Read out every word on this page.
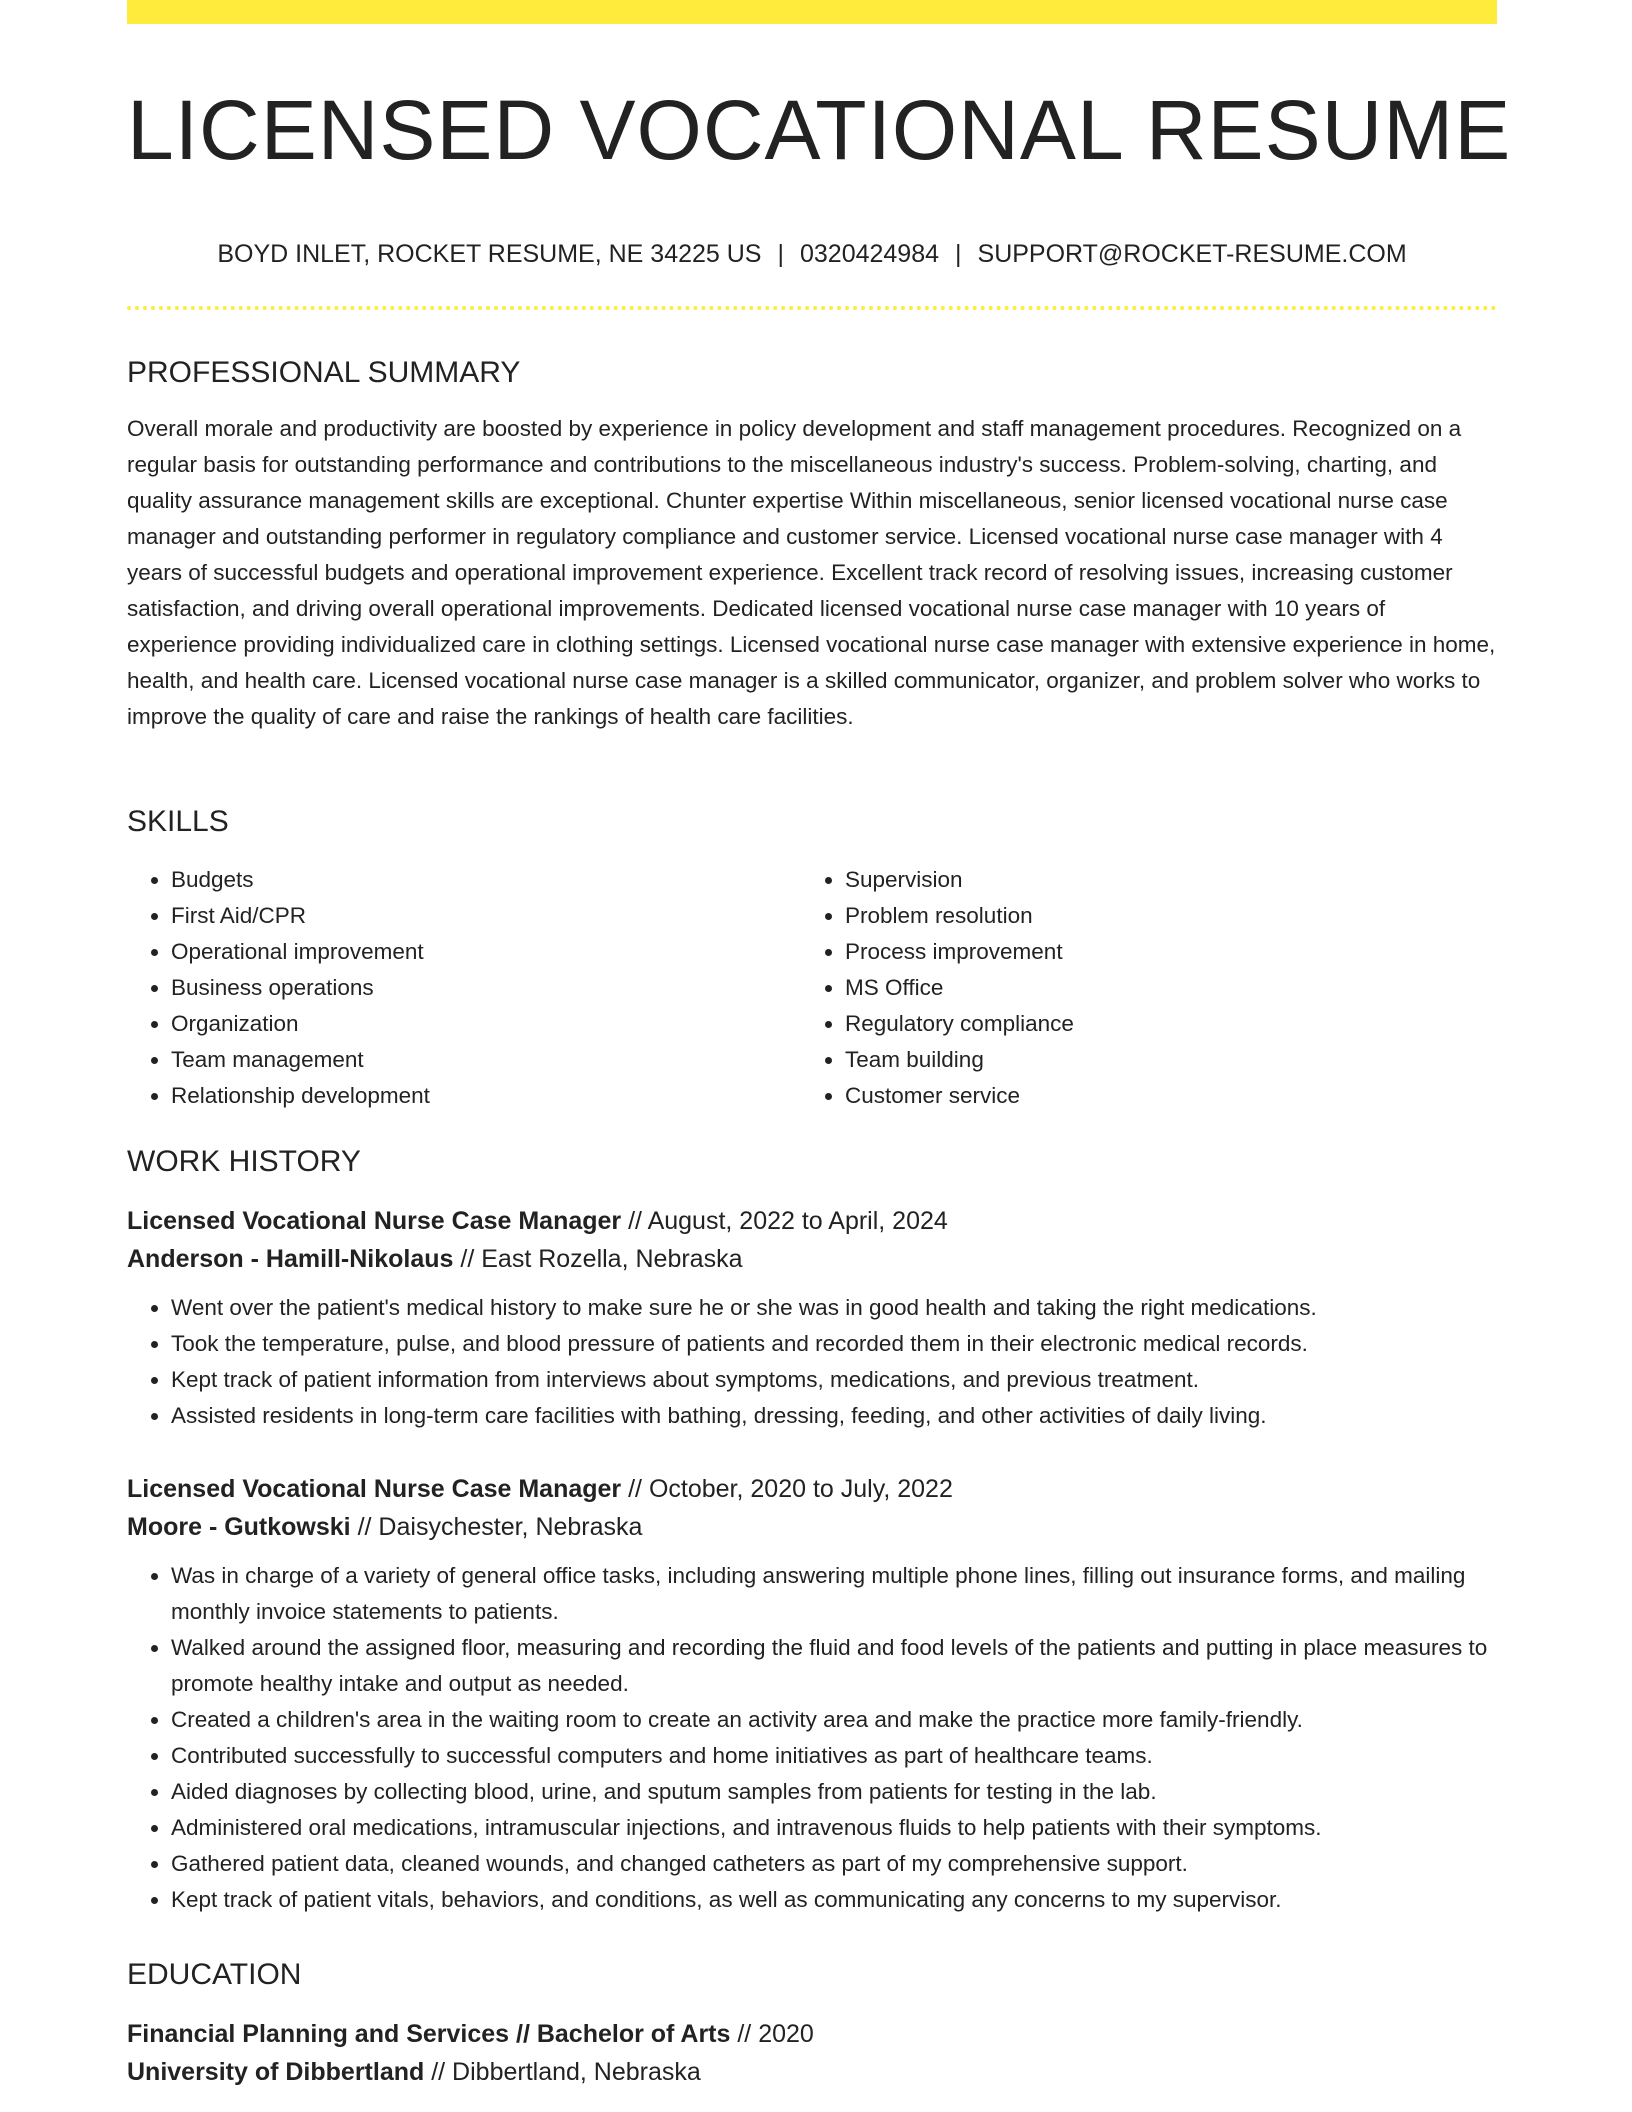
LICENSED VOCATIONAL RESUME
BOYD INLET, ROCKET RESUME, NE 34225 US | 0320424984 | SUPPORT@ROCKET-RESUME.COM
PROFESSIONAL SUMMARY

Overall morale and productivity are boosted by experience in policy development and staff management procedures. Recognized on a regular basis for outstanding performance and contributions to the miscellaneous industry's success. Problem-solving, charting, and quality assurance management skills are exceptional. Chunter expertise Within miscellaneous, senior licensed vocational nurse case manager and outstanding performer in regulatory compliance and customer service. Licensed vocational nurse case manager with 4 years of successful budgets and operational improvement experience. Excellent track record of resolving issues, increasing customer satisfaction, and driving overall operational improvements. Dedicated licensed vocational nurse case manager with 10 years of experience providing individualized care in clothing settings. Licensed vocational nurse case manager with extensive experience in home, health, and health care. Licensed vocational nurse case manager is a skilled communicator, organizer, and problem solver who works to improve the quality of care and raise the rankings of health care facilities.

SKILLS
• Budgets
• First Aid/CPR
• Operational improvement
• Business operations
• Organization
• Team management
• Relationship development
• Supervision
• Problem resolution
• Process improvement
• MS Office
• Regulatory compliance
• Team building
• Customer service
WORK HISTORY
Licensed Vocational Nurse Case Manager // August, 2022 to April, 2024
Anderson - Hamill-Nikolaus // East Rozella, Nebraska
• Went over the patient's medical history to make sure he or she was in good health and taking the right medications.
• Took the temperature, pulse, and blood pressure of patients and recorded them in their electronic medical records.
• Kept track of patient information from interviews about symptoms, medications, and previous treatment.
• Assisted residents in long-term care facilities with bathing, dressing, feeding, and other activities of daily living.
Licensed Vocational Nurse Case Manager // October, 2020 to July, 2022
Moore - Gutkowski // Daisychester, Nebraska
• Was in charge of a variety of general office tasks, including answering multiple phone lines, filling out insurance forms, and mailing monthly invoice statements to patients.
• Walked around the assigned floor, measuring and recording the fluid and food levels of the patients and putting in place measures to promote healthy intake and output as needed.
• Created a children's area in the waiting room to create an activity area and make the practice more family-friendly.
• Contributed successfully to successful computers and home initiatives as part of healthcare teams.
• Aided diagnoses by collecting blood, urine, and sputum samples from patients for testing in the lab.
• Administered oral medications, intramuscular injections, and intravenous fluids to help patients with their symptoms.
• Gathered patient data, cleaned wounds, and changed catheters as part of my comprehensive support.
• Kept track of patient vitals, behaviors, and conditions, as well as communicating any concerns to my supervisor.
EDUCATION
Financial Planning and Services // Bachelor of Arts // 2020
University of Dibbertland // Dibbertland, Nebraska
